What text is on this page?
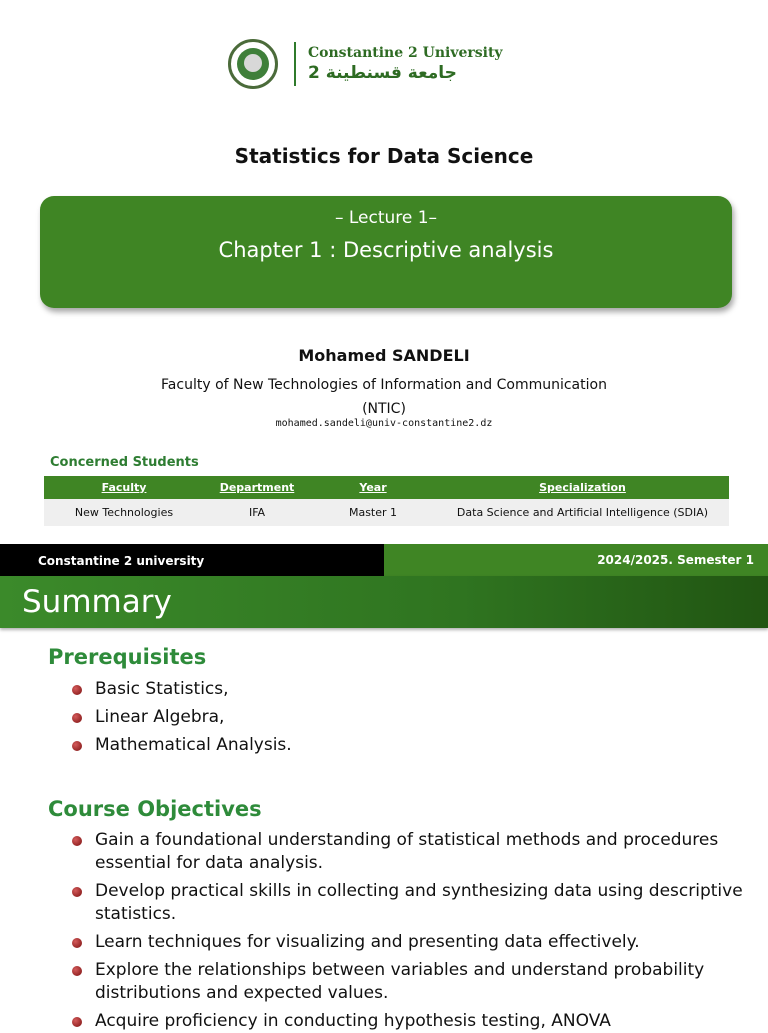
Constantine 2 University
جامعة قسنطينة 2
Statistics for Data Science
– Lecture 1–
Chapter 1 : Descriptive analysis
Mohamed SANDELI
Faculty of New Technologies of Information and Communication
(NTIC)
mohamed.sandeli@univ-constantine2.dz
Concerned Students
Faculty	Department	Year	Specialization
New Technologies	IFA	Master 1	Data Science and Artificial Intelligence (SDIA)
Constantine 2 university	2024/2025. Semester 1
Summary
Prerequisites
Basic Statistics,
Linear Algebra,
Mathematical Analysis.
Course Objectives
Gain a foundational understanding of statistical methods and procedures essential for data analysis.
Develop practical skills in collecting and synthesizing data using descriptive statistics.
Learn techniques for visualizing and presenting data effectively.
Explore the relationships between variables and understand probability distributions and expected values.
Acquire proficiency in conducting hypothesis testing, ANOVA
